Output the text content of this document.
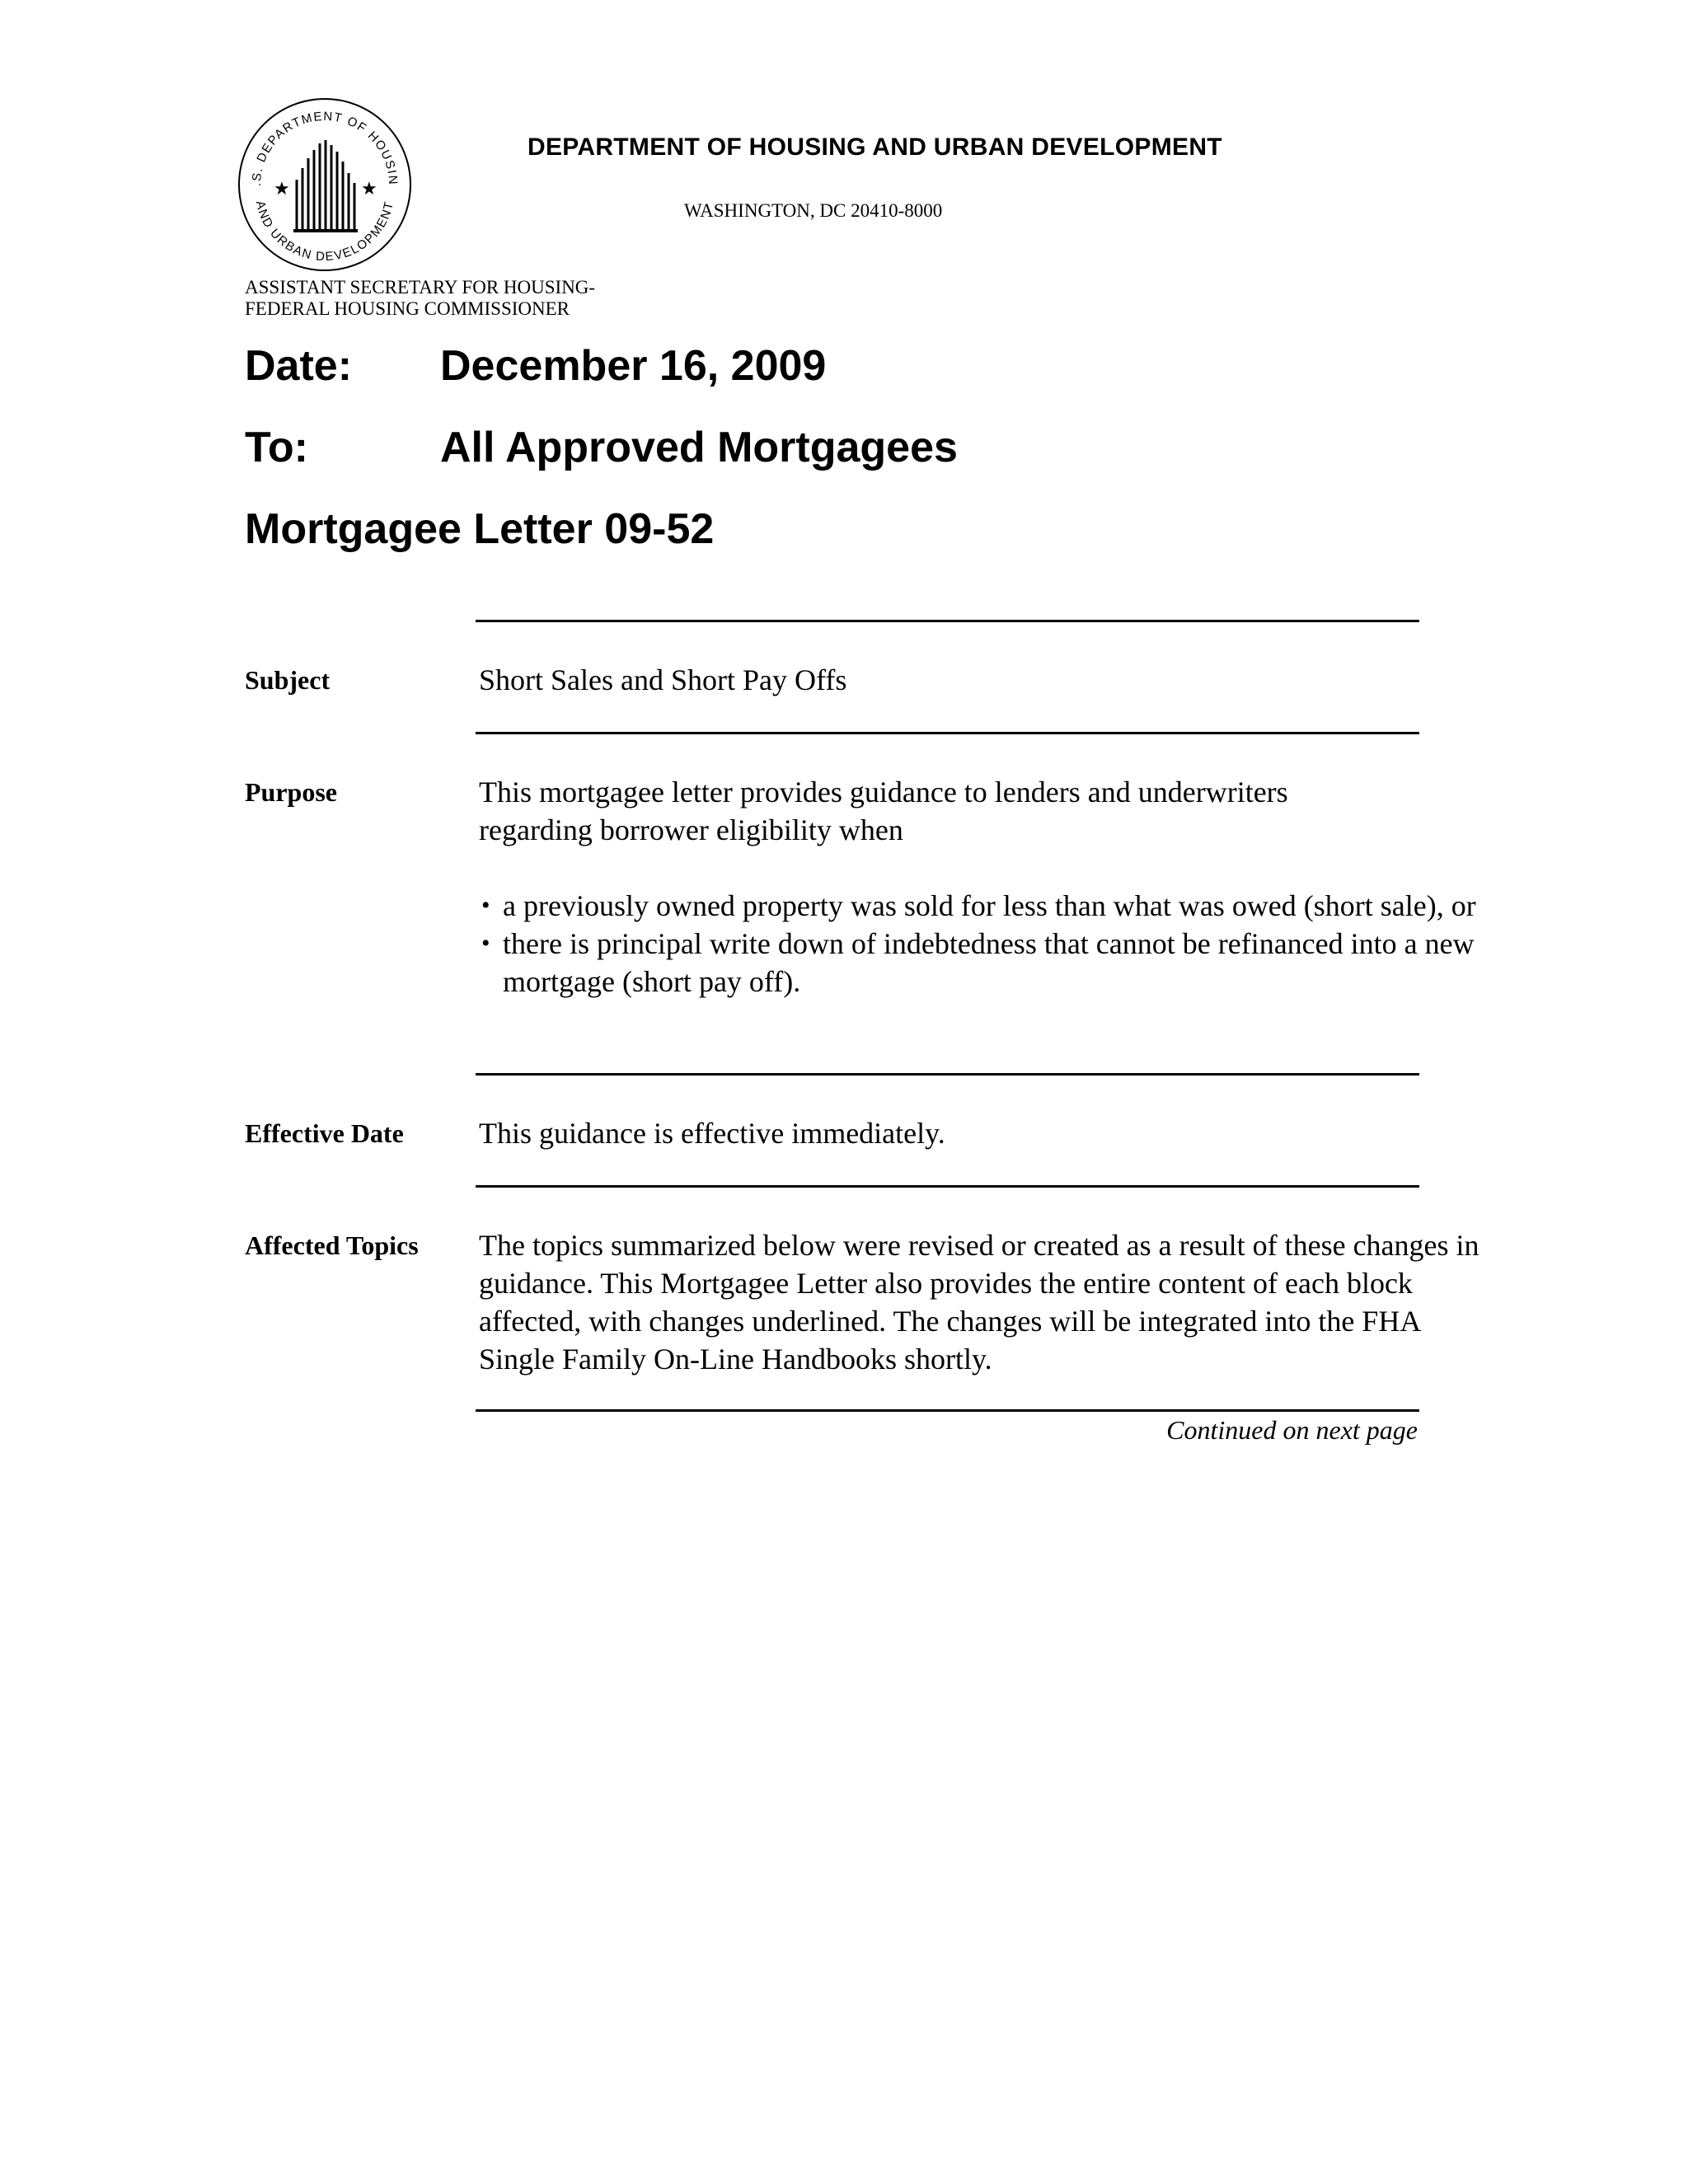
.S. DEPARTMENT OF HOUSIN
AND URBAN DEVELOPMENT
★	★
DEPARTMENT OF HOUSING AND URBAN DEVELOPMENT
WASHINGTON, DC 20410-8000
ASSISTANT SECRETARY FOR HOUSING-
FEDERAL HOUSING COMMISSIONER
Date: December 16, 2009
To:	All Approved Mortgagees
Mortgagee Letter 09-52
Subject	Short Sales and Short Pay Offs
Purpose	This mortgagee letter provides guidance to lenders and underwriters regarding borrower eligibility when
• a previously owned property was sold for less than what was owed (short sale), or
• there is principal write down of indebtedness that cannot be refinanced into a new mortgage (short pay off).
Effective Date	This guidance is effective immediately.
Affected Topics	The topics summarized below were revised or created as a result of these changes in guidance. This Mortgagee Letter also provides the entire content of each block affected, with changes underlined. The changes will be integrated into the FHA Single Family On-Line Handbooks shortly.
Continued on next page
